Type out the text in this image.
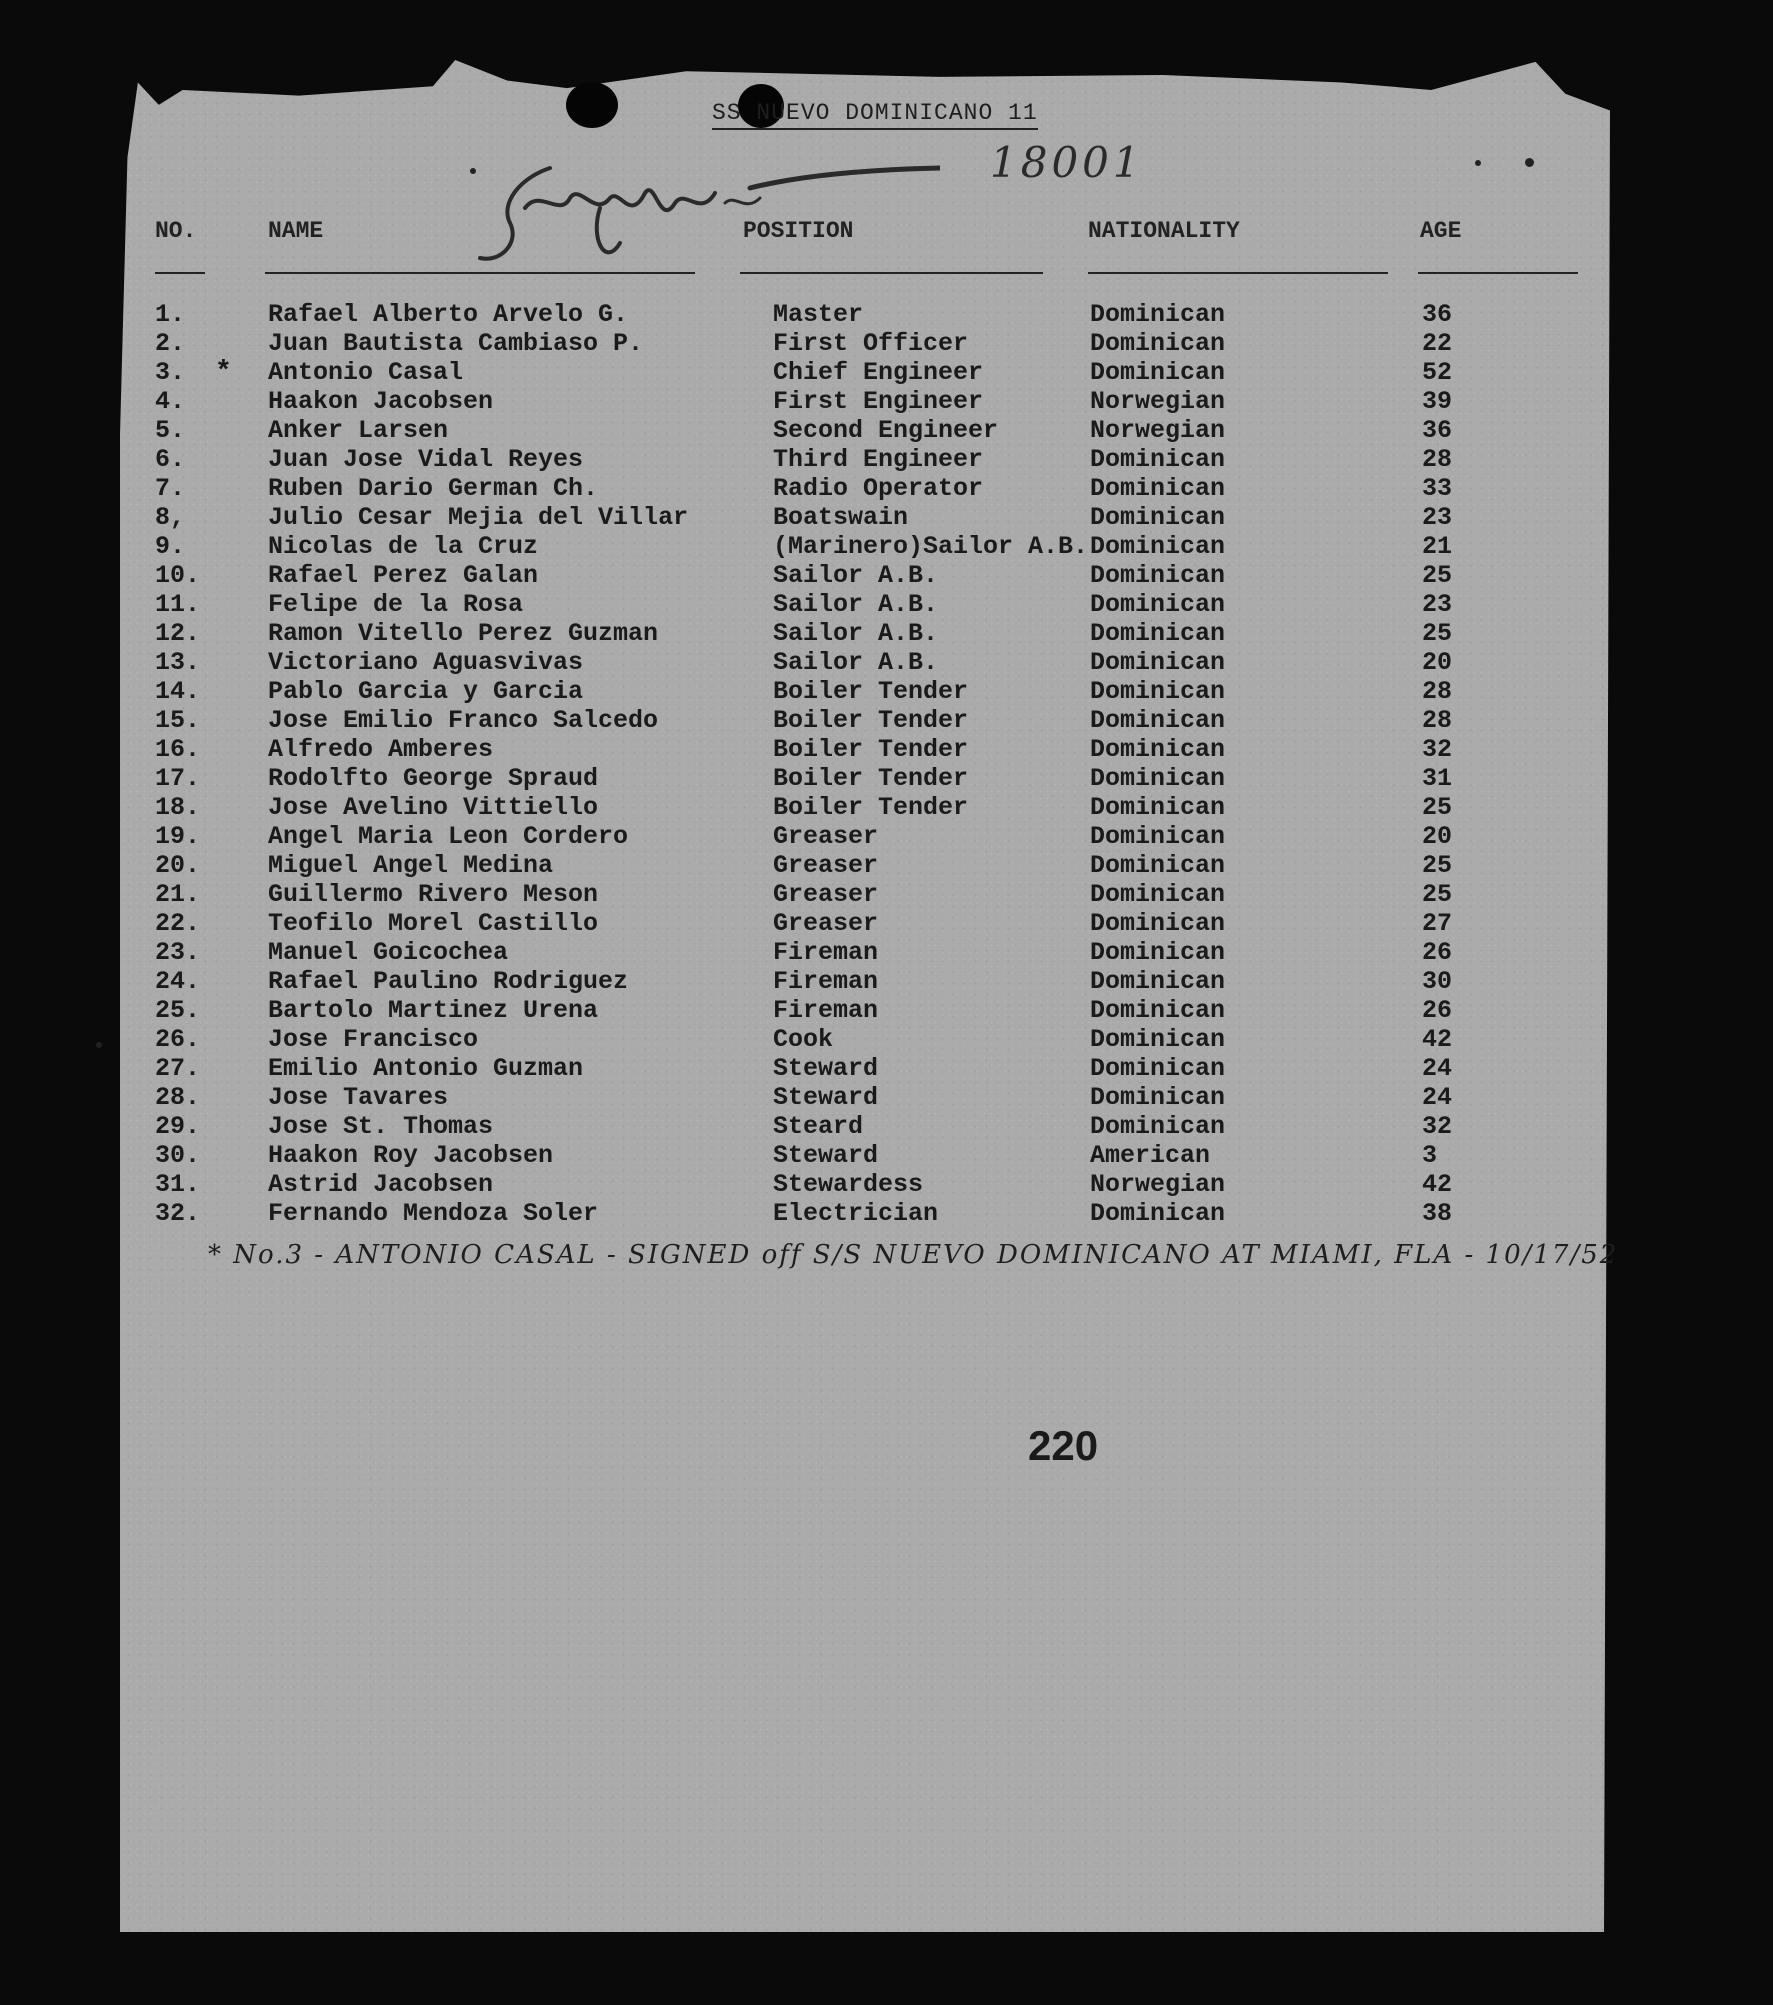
SS NUEVO DOMINICANO 11
18001
NO.	NAME	POSITION	NATIONALITY	AGE
1.	Rafael Alberto Arvelo G.	Master	Dominican	36
2.	Juan Bautista Cambiaso P.	First Officer	Dominican	22
3. * Antonio Casal	Chief Engineer	Dominican	52
4.	Haakon Jacobsen	First Engineer	Norwegian	39
5.	Anker Larsen	Second Engineer	Norwegian	36
6.	Juan Jose Vidal Reyes	Third Engineer	Dominican	28
7.	Ruben Dario German Ch.	Radio Operator	Dominican	33
8,	Julio Cesar Mejia del Villar	Boatswain	Dominican	23
9.	Nicolas de la Cruz	(Marinero)Sailor A.B. Dominican	21
10.	Rafael Perez Galan	Sailor A.B.	Dominican	25
11.	Felipe de la Rosa	Sailor A.B.	Dominican	23
12.	Ramon Vitello Perez Guzman	Sailor A.B.	Dominican	25
13.	Victoriano Aguasvivas	Sailor A.B.	Dominican	20
14.	Pablo Garcia y Garcia	Boiler Tender	Dominican	28
15.	Jose Emilio Franco Salcedo	Boiler Tender	Dominican	28
16.	Alfredo Amberes	Boiler Tender	Dominican	32
17.	Rodolfto George Spraud	Boiler Tender	Dominican	31
18.	Jose Avelino Vittiello	Boiler Tender	Dominican	25
19.	Angel Maria Leon Cordero	Greaser	Dominican	20
20.	Miguel Angel Medina	Greaser	Dominican	25
21.	Guillermo Rivero Meson	Greaser	Dominican	25
22.	Teofilo Morel Castillo	Greaser	Dominican	27
23.	Manuel Goicochea	Fireman	Dominican	26
24.	Rafael Paulino Rodriguez	Fireman	Dominican	30
25.	Bartolo Martinez Urena	Fireman	Dominican	26
26.	Jose Francisco	Cook	Dominican	42
27.	Emilio Antonio Guzman	Steward	Dominican	24
28.	Jose Tavares	Steward	Dominican	24
29.	Jose St. Thomas	Steard	Dominican	32
30.	Haakon Roy Jacobsen	Steward	American	3
31.	Astrid Jacobsen	Stewardess	Norwegian	42
32.	Fernando Mendoza Soler	Electrician	Dominican	38
* No.3 - ANTONIO CASAL - SIGNED off S/S NUEVO DOMINICANO AT MIAMI, FLA - 10/17/52
220
